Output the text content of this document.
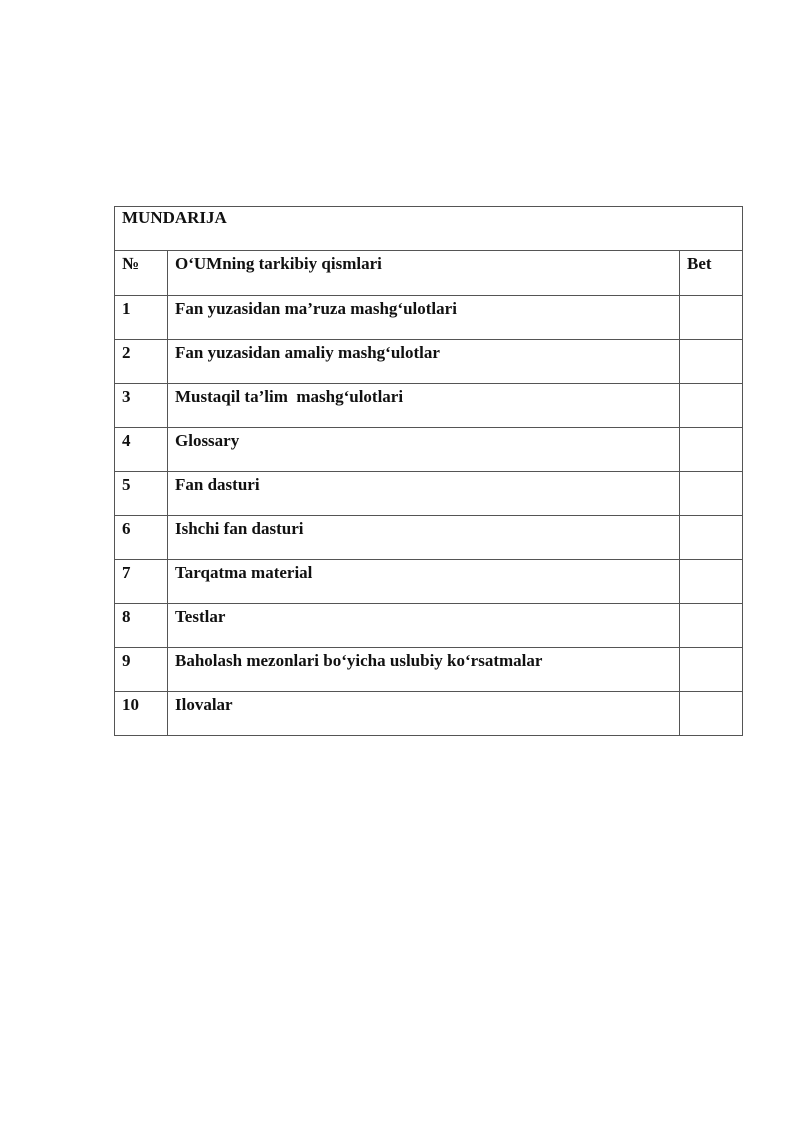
MUNDARIJA		
№	O‘UMning tarkibiy qismlari	Bet
1	Fan yuzasidan ma’ruza mashg‘ulotlari	
2	Fan yuzasidan amaliy mashg‘ulotlar	
3	Mustaqil ta’lim  mashg‘ulotlari	
4	Glossary	
5	Fan dasturi	
6	Ishchi fan dasturi	
7	Tarqatma material	
8	Testlar	
9	Baholash mezonlari bo‘yicha uslubiy ko‘rsatmalar	
10	Ilovalar	
